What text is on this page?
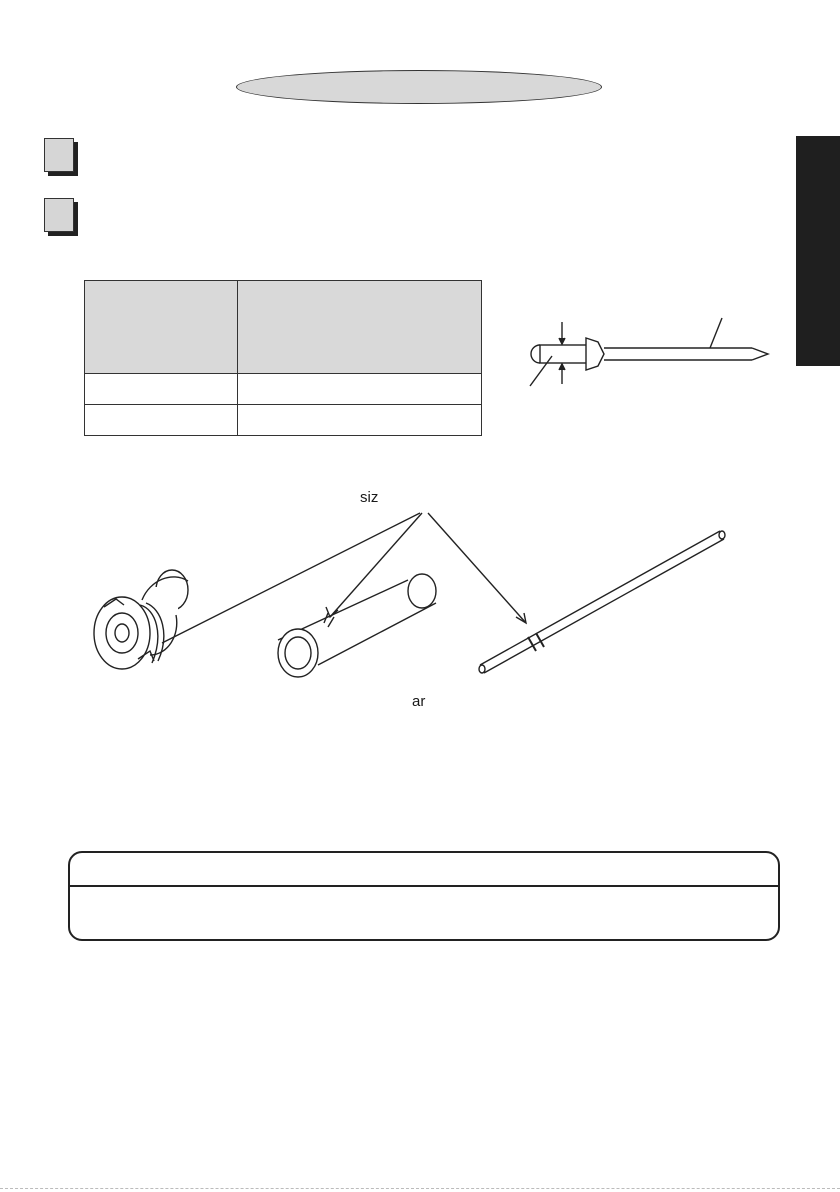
siz
ar
